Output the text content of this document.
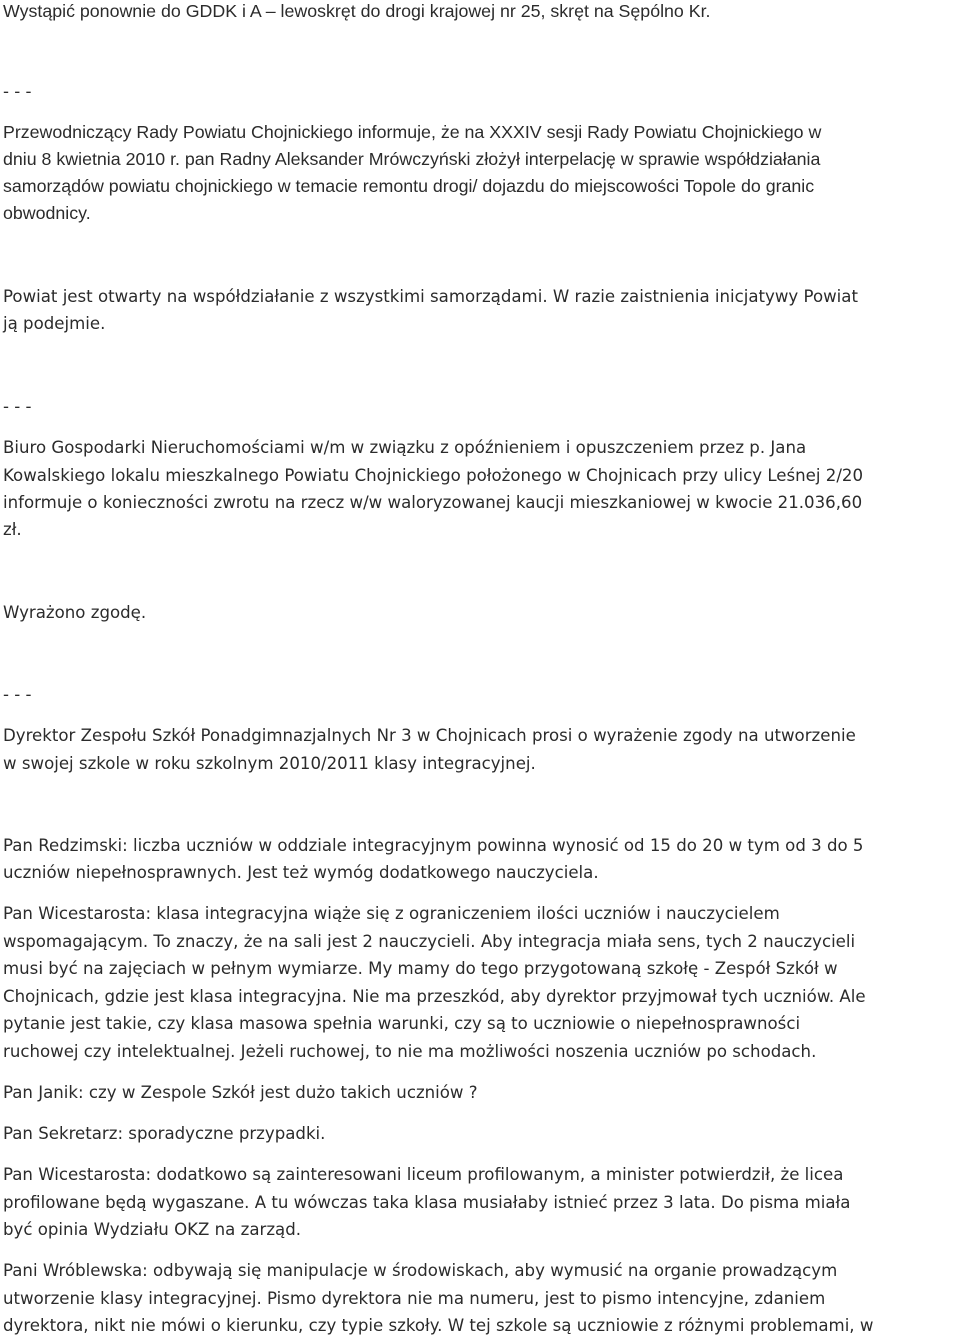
Wystąpić ponownie do GDDK i A – lewoskręt do drogi krajowej nr 25, skręt na Sępólno Kr.

- - -

Przewodniczący Rady Powiatu Chojnickiego informuje, że na XXXIV sesji Rady Powiatu Chojnickiego w

dniu 8 kwietnia 2010 r. pan Radny Aleksander Mrówczyński złożył interpelację w sprawie współdziałania

samorządów powiatu chojnickiego w temacie remontu drogi/ dojazdu do miejscowości Topole do granic

obwodnicy.

Powiat jest otwarty na współdziałanie z wszystkimi samorządami. W razie zaistnienia inicjatywy Powiat

ją podejmie.

- - -

Biuro Gospodarki Nieruchomościami w/m w związku z opóźnieniem i opuszczeniem przez p. Jana

Kowalskiego lokalu mieszkalnego Powiatu Chojnickiego położonego w Chojnicach przy ulicy Leśnej 2/20

informuje o konieczności zwrotu na rzecz w/w waloryzowanej kaucji mieszkaniowej w kwocie 21.036,60

zł.

Wyrażono zgodę.

- - -

Dyrektor Zespołu Szkół Ponadgimnazjalnych Nr 3 w Chojnicach prosi o wyrażenie zgody na utworzenie

w swojej szkole w roku szkolnym 2010/2011 klasy integracyjnej.

Pan Redzimski: liczba uczniów w oddziale integracyjnym powinna wynosić od 15 do 20 w tym od 3 do 5

uczniów niepełnosprawnych. Jest też wymóg dodatkowego nauczyciela.

Pan Wicestarosta: klasa integracyjna wiąże się z ograniczeniem ilości uczniów i nauczycielem

wspomagającym. To znaczy, że na sali jest 2 nauczycieli. Aby integracja miała sens, tych 2 nauczycieli

musi być na zajęciach w pełnym wymiarze. My mamy do tego przygotowaną szkołę - Zespół Szkół w

Chojnicach, gdzie jest klasa integracyjna. Nie ma przeszkód, aby dyrektor przyjmował tych uczniów. Ale

pytanie jest takie, czy klasa masowa spełnia warunki, czy są to uczniowie o niepełnosprawności

ruchowej czy intelektualnej. Jeżeli ruchowej, to nie ma możliwości noszenia uczniów po schodach.

Pan Janik: czy w Zespole Szkół jest dużo takich uczniów ?

Pan Sekretarz: sporadyczne przypadki.

Pan Wicestarosta: dodatkowo są zainteresowani liceum profilowanym, a minister potwierdził, że licea

profilowane będą wygaszane. A tu wówczas taka klasa musiałaby istnieć przez 3 lata. Do pisma miała

być opinia Wydziału OKZ na zarząd.

Pani Wróblewska: odbywają się manipulacje w środowiskach, aby wymusić na organie prowadzącym

utworzenie klasy integracyjnej. Pismo dyrektora nie ma numeru, jest to pismo intencyjne, zdaniem

dyrektora, nikt nie mówi o kierunku, czy typie szkoły. W tej szkole są uczniowie z różnymi problemami, w
